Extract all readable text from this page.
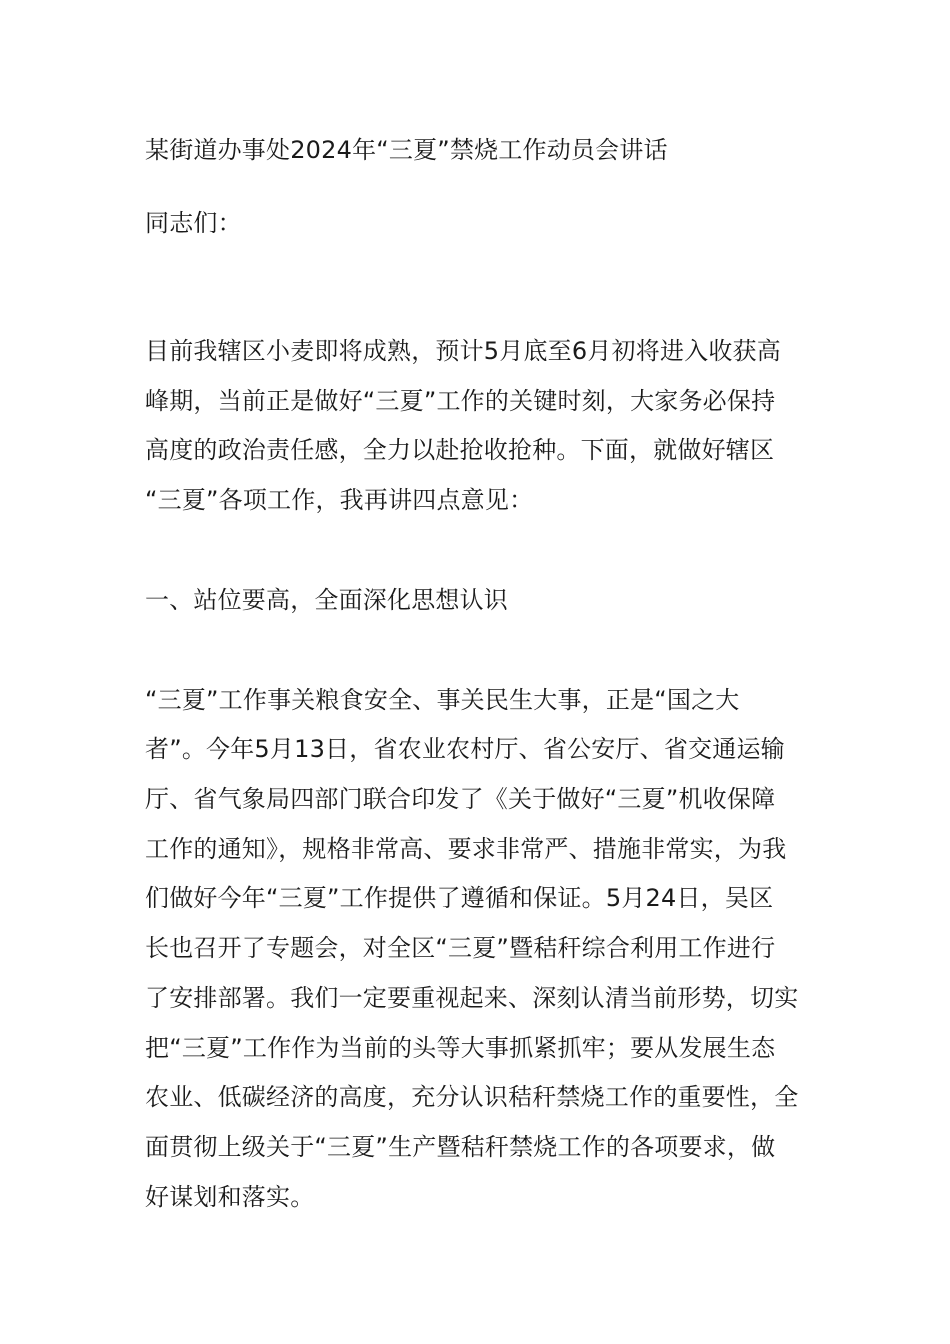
某街道办事处2024年“三夏”禁烧工作动员会讲话
同志们：
目前我辖区小麦即将成熟，预计5月底至6月初将进入收获高
峰期，当前正是做好“三夏”工作的关键时刻，大家务必保持
高度的政治责任感，全力以赴抢收抢种。下面，就做好辖区
“三夏”各项工作，我再讲四点意见：
一、站位要高，全面深化思想认识
“三夏”工作事关粮食安全、事关民生大事，正是“国之大
者”。今年5月13日，省农业农村厅、省公安厅、省交通运输
厅、省气象局四部门联合印发了《关于做好“三夏”机收保障
工作的通知》，规格非常高、要求非常严、措施非常实，为我
们做好今年“三夏”工作提供了遵循和保证。5月24日，吴区
长也召开了专题会，对全区“三夏”暨秸秆综合利用工作进行
了安排部署。我们一定要重视起来、深刻认清当前形势，切实
把“三夏”工作作为当前的头等大事抓紧抓牢；要从发展生态
农业、低碳经济的高度，充分认识秸秆禁烧工作的重要性，全
面贯彻上级关于“三夏”生产暨秸秆禁烧工作的各项要求，做
好谋划和落实。
